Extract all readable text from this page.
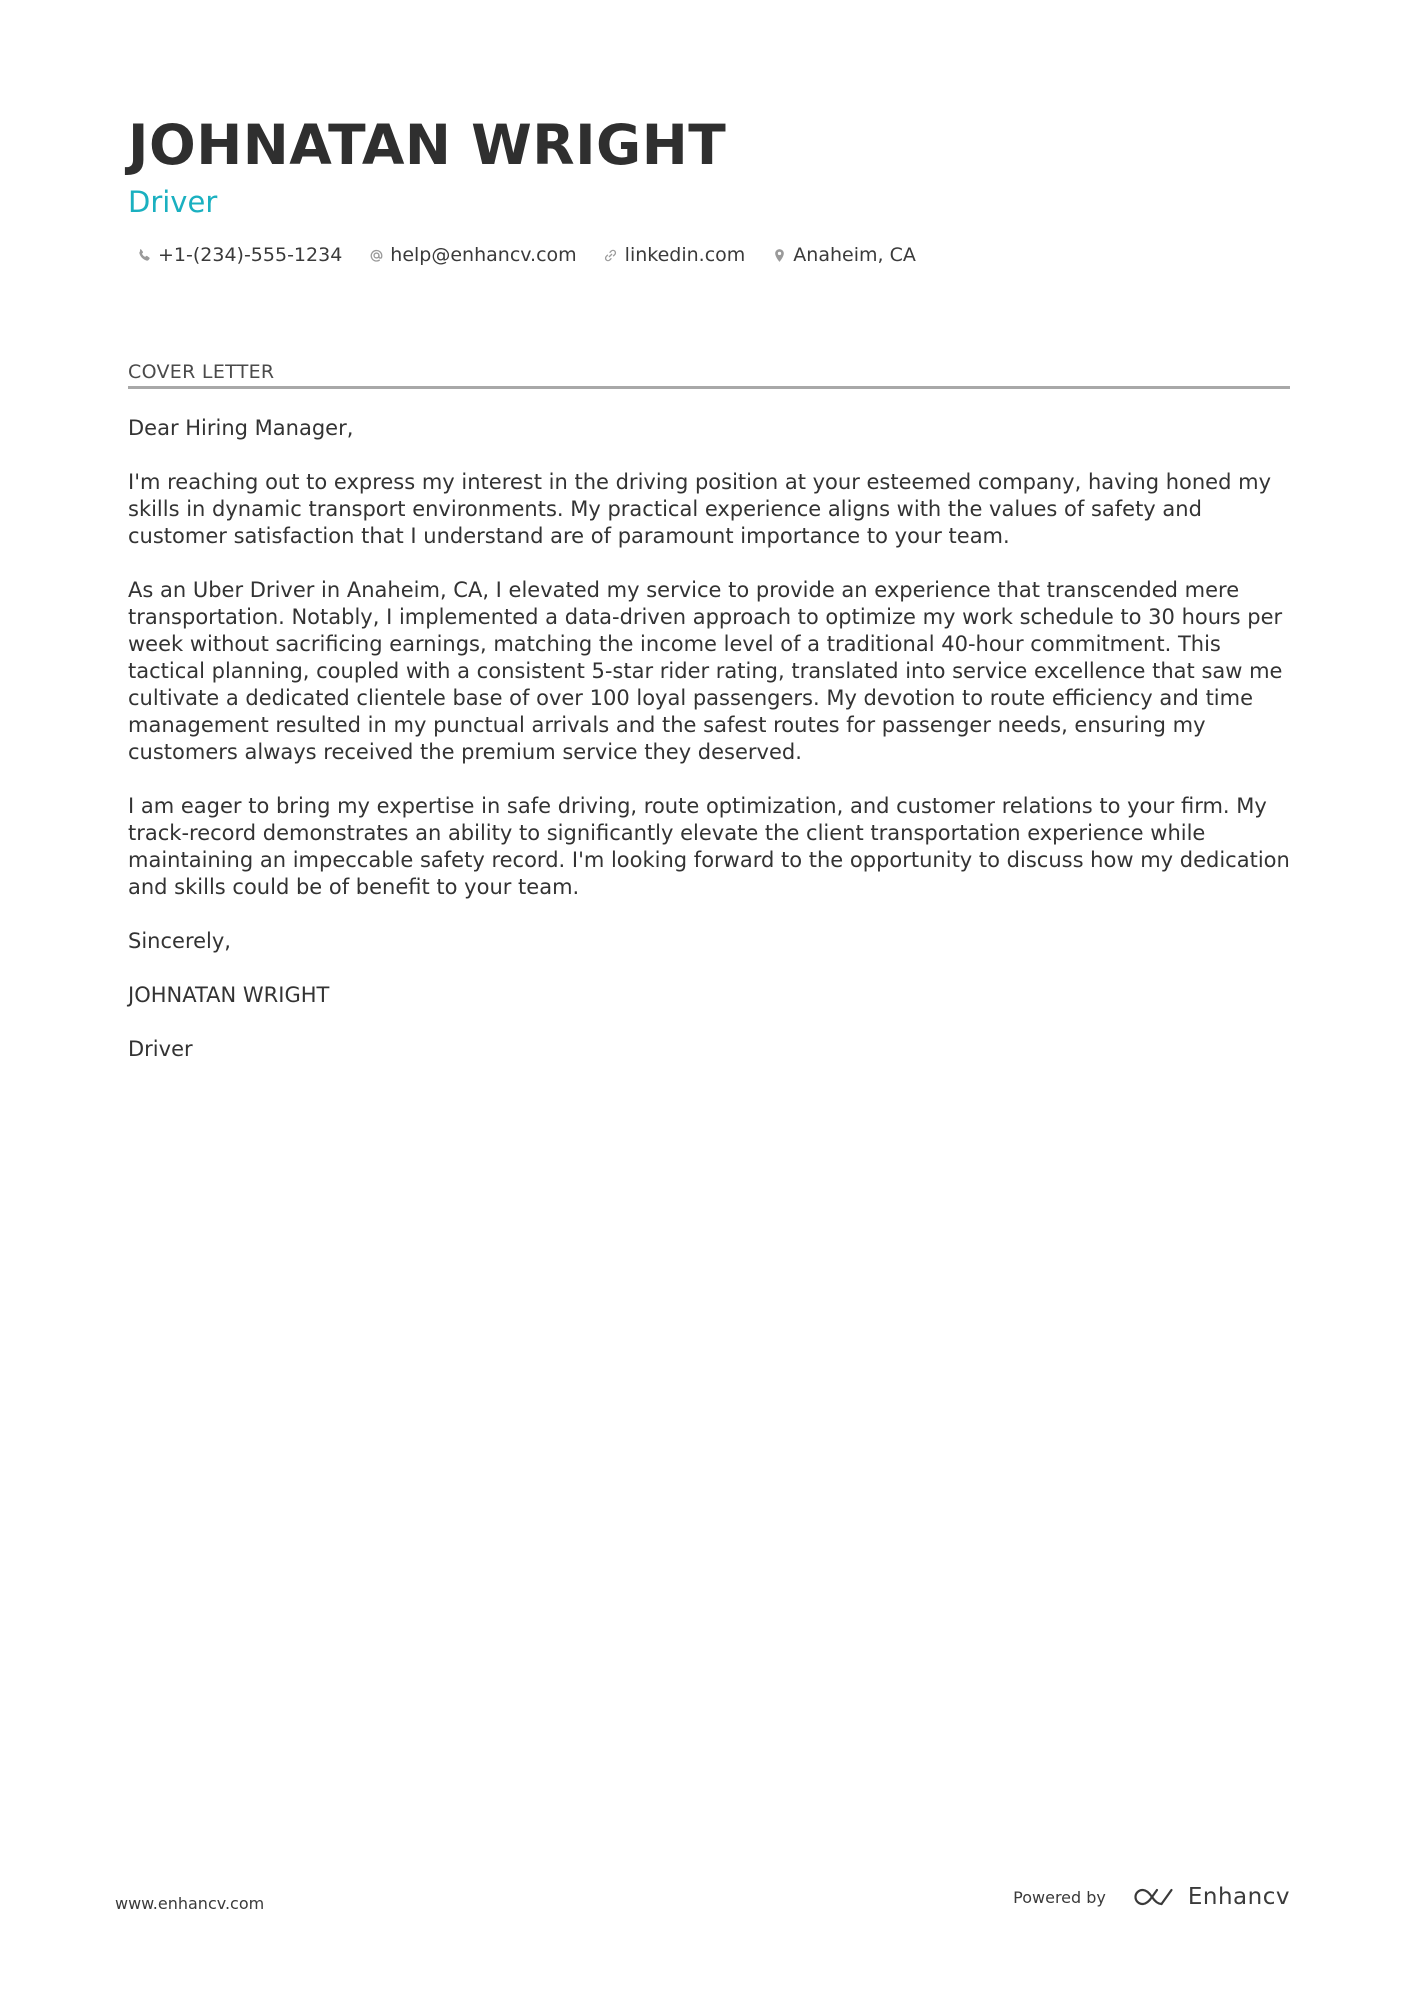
JOHNATAN WRIGHT
Driver
+1-(234)-555-1234	help@enhancv.com	linkedin.com	Anaheim, CA
COVER LETTER

Dear Hiring Manager,

I'm reaching out to express my interest in the driving position at your esteemed company, having honed my skills in dynamic transport environments. My practical experience aligns with the values of safety and customer satisfaction that I understand are of paramount importance to your team.

As an Uber Driver in Anaheim, CA, I elevated my service to provide an experience that transcended mere transportation. Notably, I implemented a data-driven approach to optimize my work schedule to 30 hours per week without sacrificing earnings, matching the income level of a traditional 40-hour commitment. This tactical planning, coupled with a consistent 5-star rider rating, translated into service excellence that saw me cultivate a dedicated clientele base of over 100 loyal passengers. My devotion to route efficiency and time management resulted in my punctual arrivals and the safest routes for passenger needs, ensuring my customers always received the premium service they deserved.

I am eager to bring my expertise in safe driving, route optimization, and customer relations to your firm. My track-record demonstrates an ability to significantly elevate the client transportation experience while maintaining an impeccable safety record. I'm looking forward to the opportunity to discuss how my dedication and skills could be of benefit to your team.

Sincerely,

JOHNATAN WRIGHT

Driver

www.enhancv.com	Powered by	Enhancv
